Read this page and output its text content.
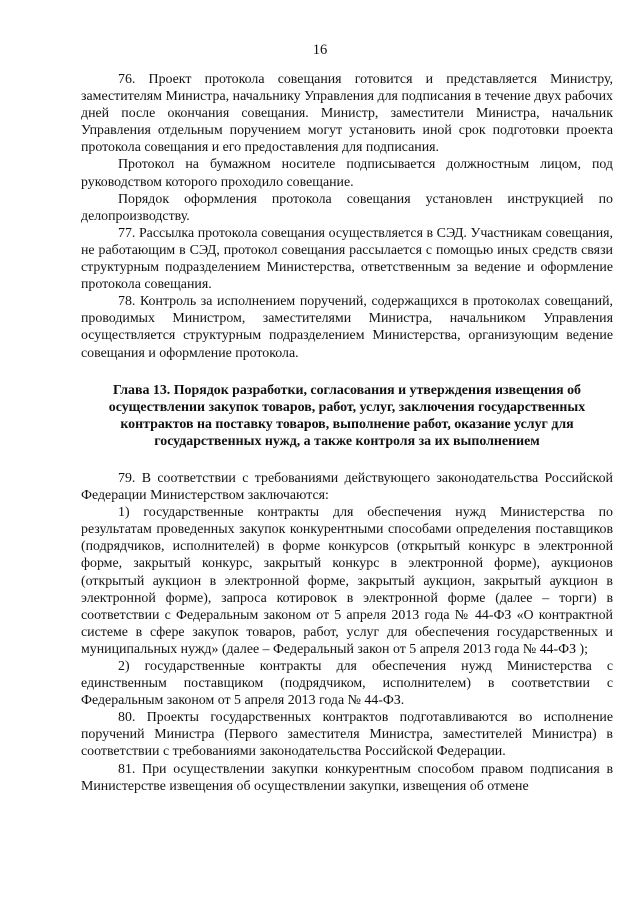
16

76. Проект протокола совещания готовится и представляется Министру, заместителям Министра, начальнику Управления для подписания в течение двух рабочих дней после окончания совещания. Министр, заместители Министра, начальник Управления отдельным поручением могут установить иной срок подготовки проекта протокола совещания и его предоставления для подписания.

Протокол на бумажном носителе подписывается должностным лицом, под руководством которого проходило совещание.

Порядок оформления протокола совещания установлен инструкцией по делопроизводству.

77. Рассылка протокола совещания осуществляется в СЭД. Участникам совещания, не работающим в СЭД, протокол совещания рассылается с помощью иных средств связи структурным подразделением Министерства, ответственным за ведение и оформление протокола совещания.

78. Контроль за исполнением поручений, содержащихся в протоколах совещаний, проводимых Министром, заместителями Министра, начальником Управления осуществляется структурным подразделением Министерства, организующим ведение совещания и оформление протокола.

Глава 13. Порядок разработки, согласования и утверждения извещения об осуществлении закупок товаров, работ, услуг, заключения государственных контрактов на поставку товаров, выполнение работ, оказание услуг для государственных нужд, а также контроля за их выполнением

79. В соответствии с требованиями действующего законодательства Российской Федерации Министерством заключаются:

1) государственные контракты для обеспечения нужд Министерства по результатам проведенных закупок конкурентными способами определения поставщиков (подрядчиков, исполнителей) в форме конкурсов (открытый конкурс в электронной форме, закрытый конкурс, закрытый конкурс в электронной форме), аукционов (открытый аукцион в электронной форме, закрытый аукцион, закрытый аукцион в электронной форме), запроса котировок в электронной форме (далее – торги) в соответствии с Федеральным законом от 5 апреля 2013 года № 44-ФЗ «О контрактной системе в сфере закупок товаров, работ, услуг для обеспечения государственных и муниципальных нужд» (далее – Федеральный закон от 5 апреля 2013 года № 44-ФЗ );

2) государственные контракты для обеспечения нужд Министерства с единственным поставщиком (подрядчиком, исполнителем) в соответствии с Федеральным законом от 5 апреля 2013 года № 44-ФЗ.

80. Проекты государственных контрактов подготавливаются во исполнение поручений Министра (Первого заместителя Министра, заместителей Министра) в соответствии с требованиями законодательства Российской Федерации.

81. При осуществлении закупки конкурентным способом правом подписания в Министерстве извещения об осуществлении закупки, извещения об отмене
